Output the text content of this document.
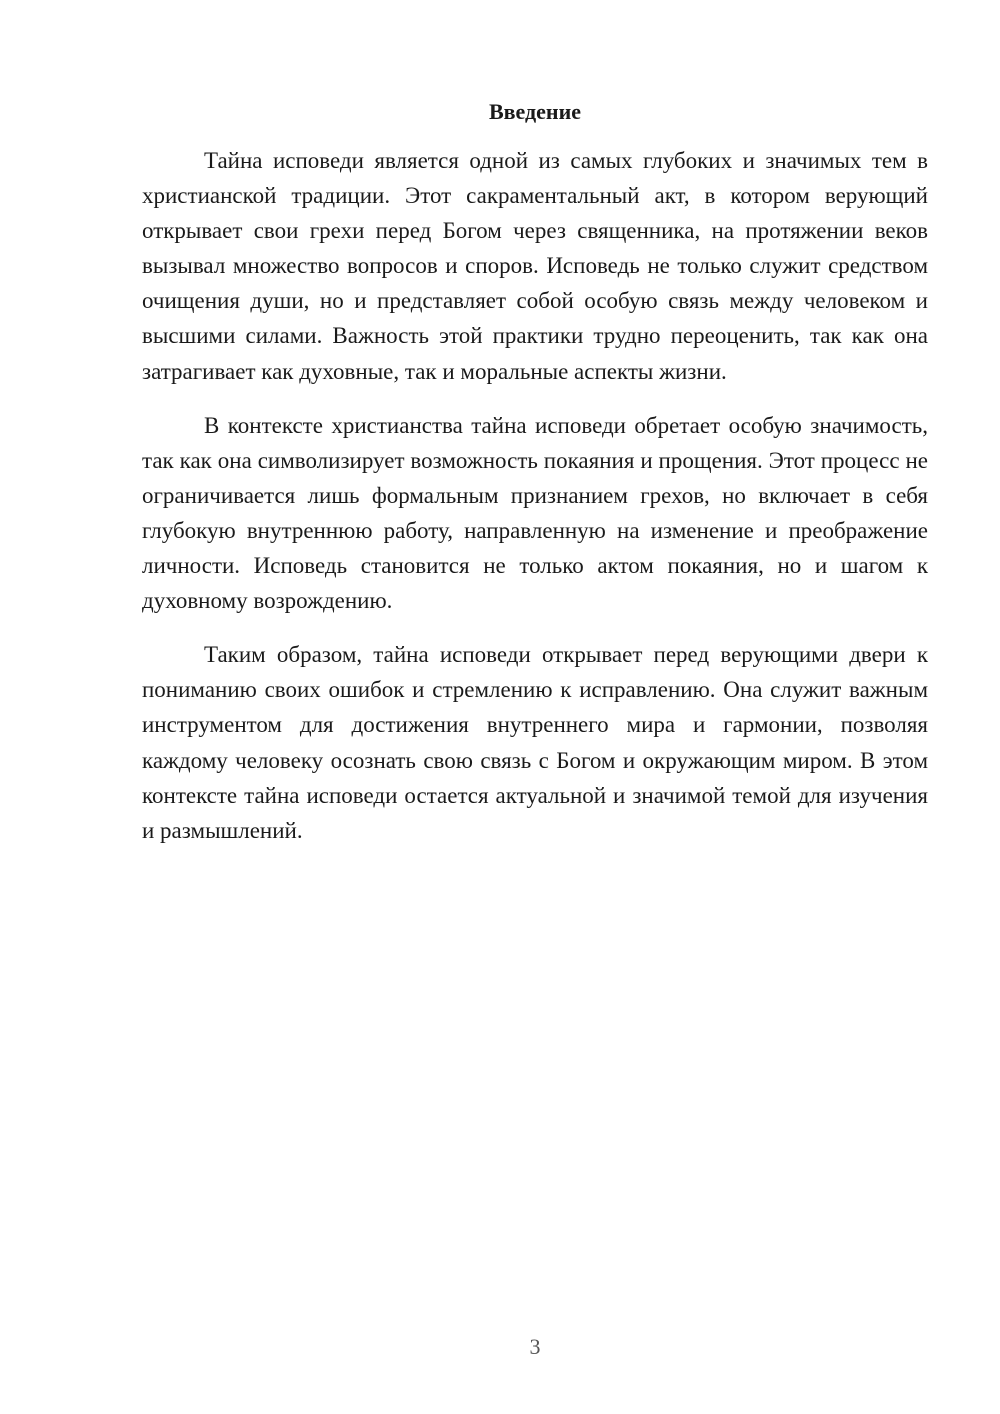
Введение

Тайна исповеди является одной из самых глубоких и значимых тем в христианской традиции. Этот сакраментальный акт, в котором верующий открывает свои грехи перед Богом через священника, на протяжении веков вызывал множество вопросов и споров. Исповедь не только служит средством очищения души, но и представляет собой особую связь между человеком и высшими силами. Важность этой практики трудно переоценить, так как она затрагивает как духовные, так и моральные аспекты жизни.

В контексте христианства тайна исповеди обретает особую значимость, так как она символизирует возможность покаяния и прощения. Этот процесс не ограничивается лишь формальным признанием грехов, но включает в себя глубокую внутреннюю работу, направленную на изменение и преображение личности. Исповедь становится не только актом покаяния, но и шагом к духовному возрождению.

Таким образом, тайна исповеди открывает перед верующими двери к пониманию своих ошибок и стремлению к исправлению. Она служит важным инструментом для достижения внутреннего мира и гармонии, позволяя каждому человеку осознать свою связь с Богом и окружающим миром. В этом контексте тайна исповеди остается актуальной и значимой темой для изучения и размышлений.

3
